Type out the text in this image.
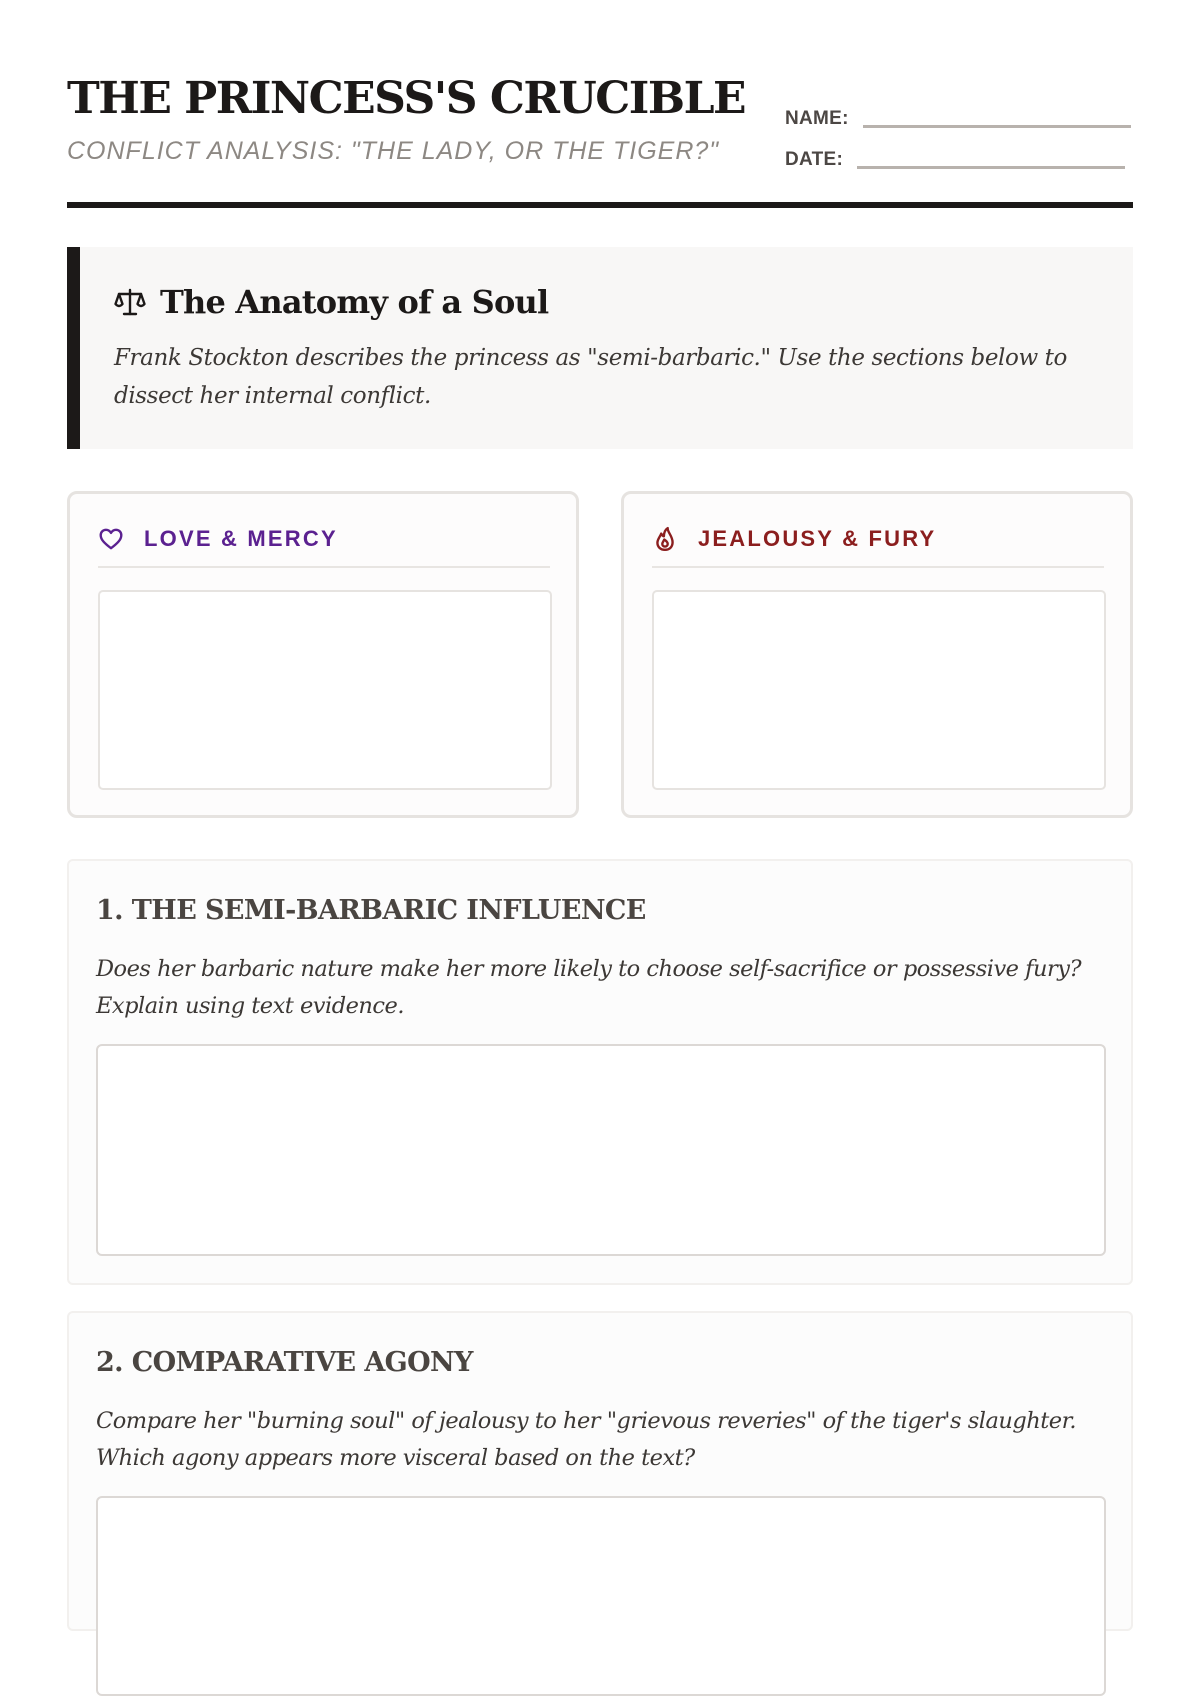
THE PRINCESS'S CRUCIBLE
CONFLICT ANALYSIS: "THE LADY, OR THE TIGER?"
NAME:
DATE:
The Anatomy of a Soul

Frank Stockton describes the princess as "semi-barbaric." Use the sections below to dissect her internal conflict.

LOVE & MERCY	JEALOUSY & FURY
1. THE SEMI-BARBARIC INFLUENCE

Does her barbaric nature make her more likely to choose self-sacrifice or possessive fury? Explain using text evidence.

2. COMPARATIVE AGONY

Compare her "burning soul" of jealousy to her "grievous reveries" of the tiger's slaughter. Which agony appears more visceral based on the text?
